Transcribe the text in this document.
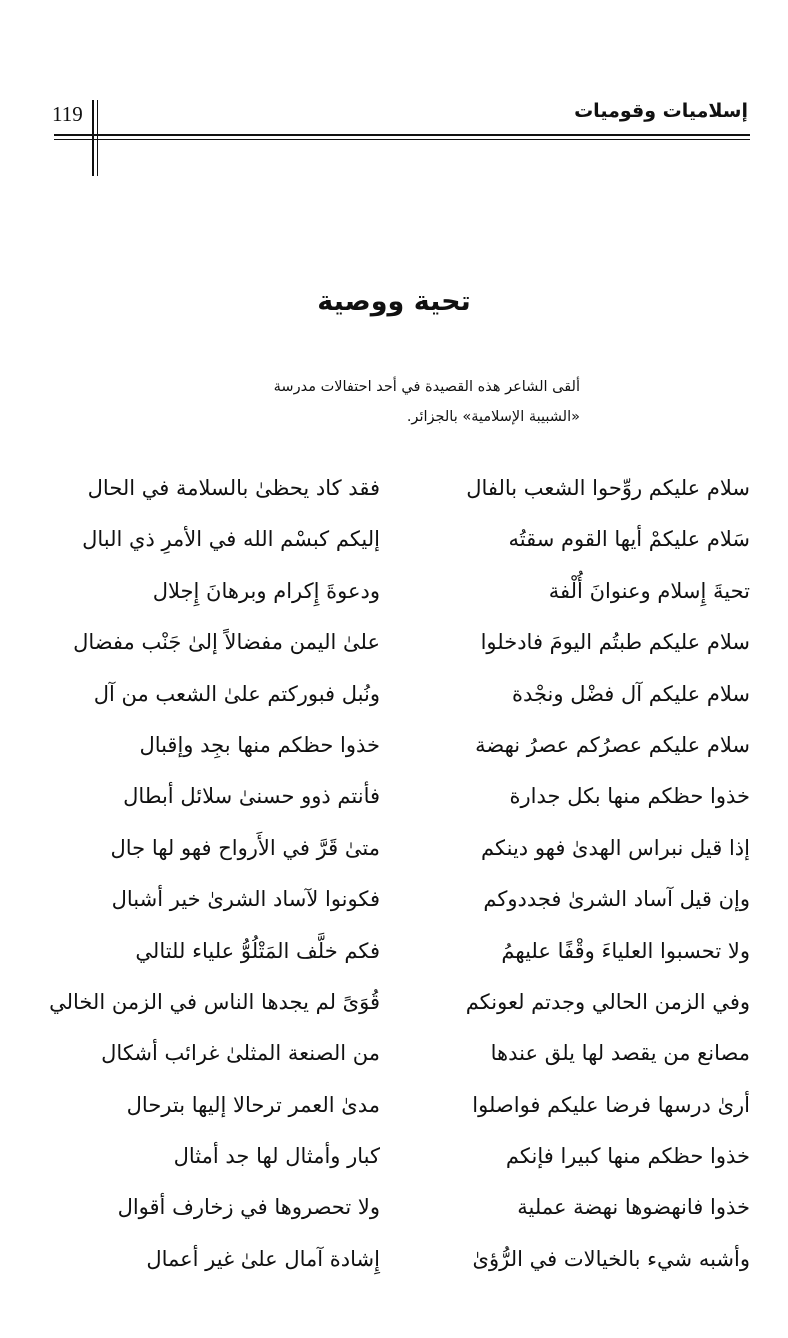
إسلاميات وقوميات
119
تحية ووصية

ألقى الشاعر هذه القصيدة في أحد احتفالات مدرسة

«الشبيبة الإسلامية» بالجزائر.

سلام عليكم روِّحوا الشعب بالفال
فقد كاد يحظىٰ بالسلامة في الحال
سَلام عليكمْ أيها القوم سقتُه
إليكم كبسْم الله في الأمرِ ذي البال
تحيةَ إِسلام وعنوانَ أُلْفة
ودعوةَ إِكرام وبرهانَ إِجلال
سلام عليكم طبتُم اليومَ فادخلوا
علىٰ اليمن مفضالاً إلىٰ جَنْب مفضال
سلام عليكم آل فضْل ونجْدة
ونُبل فبوركتم علىٰ الشعب من آل
سلام عليكم عصرُكم عصرُ نهضة
خذوا حظكم منها بجِد وإقبال
خذوا حظكم منها بكل جدارة
فأنتم ذوو حسنىٰ سلائل أبطال
إذا قيل نبراس الهدىٰ فهو دينكم
متىٰ قَرَّ في الأَرواح فهو لها جال
وإن قيل آساد الشرىٰ فجددوكم
فكونوا لآساد الشرىٰ خير أشبال
ولا تحسبوا العلياءَ وقْفًا عليهمُ
فكم خلَّف المَتْلُوُّ علياء للتالي
وفي الزمن الحالي وجدتم لعونكم
قُوَىً لم يجدها الناس في الزمن الخالي
مصانع من يقصد لها يلق عندها
من الصنعة المثلىٰ غرائب أشكال
أرىٰ درسها فرضا عليكم فواصلوا
مدىٰ العمر ترحالا إليها بترحال
خذوا حظكم منها كبيرا فإنكم
كبار وأمثال لها جد أمثال
خذوا فانهضوها نهضة عملية
ولا تحصروها في زخارف أقوال
وأشبه شيء بالخيالات في الرُّؤىٰ
إِشادة آمال علىٰ غير أعمال
